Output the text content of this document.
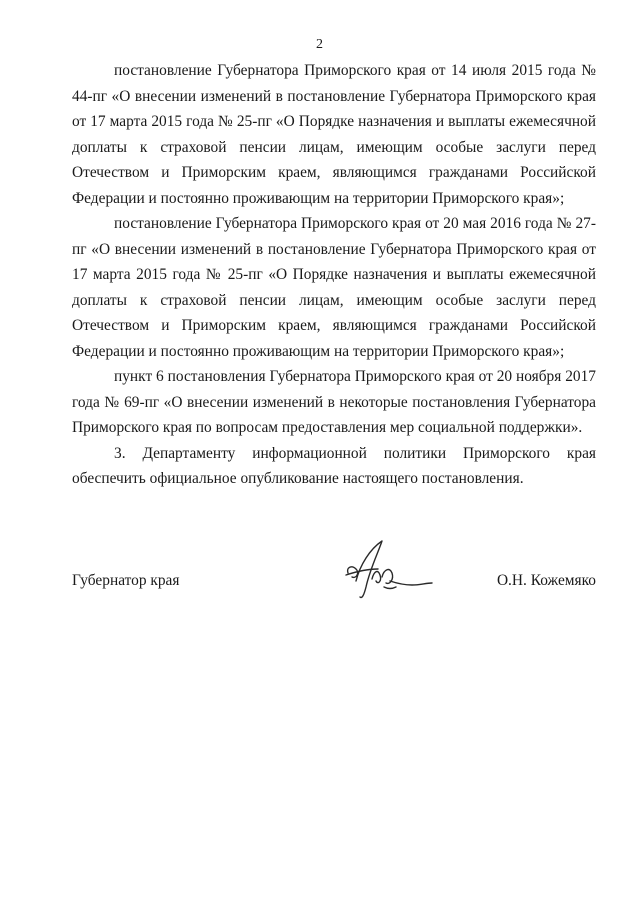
2

постановление Губернатора Приморского края от 14 июля 2015 года № 44-пг «О внесении изменений в постановление Губернатора Приморского края от 17 марта 2015 года № 25-пг «О Порядке назначения и выплаты ежемесячной доплаты к страховой пенсии лицам, имеющим особые заслуги перед Отечеством и Приморским краем, являющимся гражданами Российской Федерации и постоянно проживающим на территории Приморского края»;

постановление Губернатора Приморского края от 20 мая 2016 года № 27-пг «О внесении изменений в постановление Губернатора Приморского края от 17 марта 2015 года № 25-пг «О Порядке назначения и выплаты ежемесячной доплаты к страховой пенсии лицам, имеющим особые заслуги перед Отечеством и Приморским краем, являющимся гражданами Российской Федерации и постоянно проживающим на территории Приморского края»;

пункт 6 постановления Губернатора Приморского края от 20 ноября 2017 года № 69-пг «О внесении изменений в некоторые постановления Губернатора Приморского края по вопросам предоставления мер социальной поддержки».

3. Департаменту информационной политики Приморского края обеспечить официальное опубликование настоящего постановления.

Губернатор края	О.Н. Кожемяко
